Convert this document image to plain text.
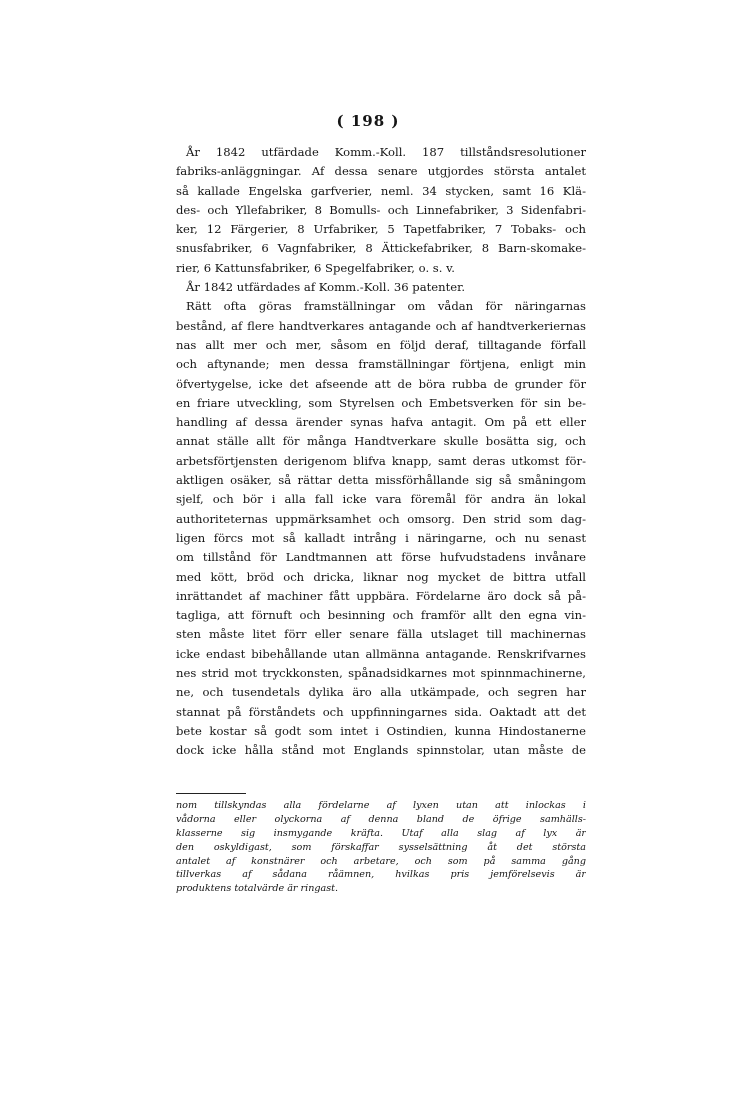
( 198 )
År 1842 utfärdade Komm.-Koll. 187 tillståndsresolutioner
fabriks-anläggningar. Af dessa senare utgjordes största antalet
så kallade Engelska garfverier, neml. 34 stycken, samt 16 Klä-
des- och Yllefabriker, 8 Bomulls- och Linnefabriker, 3 Sidenfabri-
ker, 12 Färgerier, 8 Urfabriker, 5 Tapetfabriker, 7 Tobaks- och
snusfabriker, 6 Vagnfabriker, 8 Ättickefabriker, 8 Barn-skomake-
rier, 6 Kattunsfabriker, 6 Spegelfabriker, o. s. v.
År 1842 utfärdades af Komm.-Koll. 36 patenter.
Rätt ofta göras framställningar om vådan för näringarnas
bestånd, af flere handtverkares antagande och af handtverkeriernas
nas allt mer och mer, såsom en följd deraf, tilltagande förfall
och aftynande; men dessa framställningar förtjena, enligt min
öfvertygelse, icke det afseende att de böra rubba de grunder för
en friare utveckling, som Styrelsen och Embetsverken för sin be-
handling af dessa ärender synas hafva antagit. Om på ett eller
annat ställe allt för många Handtverkare skulle bosätta sig, och
arbetsförtjensten derigenom blifva knapp, samt deras utkomst för-
aktligen osäker, så rättar detta missförhållande sig så småningom
sjelf, och bör i alla fall icke vara föremål för andra än lokal
authoriteternas uppmärksamhet och omsorg. Den strid som dag-
ligen förcs mot så kalladt intrång i näringarne, och nu senast
om tillstånd för Landtmannen att förse hufvudstadens invånare
med kött, bröd och dricka, liknar nog mycket de bittra utfall
inrättandet af machiner fått uppbära. Fördelarne äro dock så på-
tagliga, att förnuft och besinning och framför allt den egna vin-
sten måste litet förr eller senare fälla utslaget till machinernas
icke endast bibehållande utan allmänna antagande. Renskrifvarnes
nes strid mot tryckkonsten, spånadsidkarnes mot spinnmachinerne,
ne, och tusendetals dylika äro alla utkämpade, och segren har
stannat på förståndets och uppfinningarnes sida. Oaktadt att det
bete kostar så godt som intet i Ostindien, kunna Hindostanerne
dock icke hålla stånd mot Englands spinnstolar, utan måste de
nom tillskyndas alla fördelarne af lyxen utan att inlockas i
vådorna eller olyckorna af denna bland de öfrige samhälls-
klasserne sig insmygande kräfta. Utaf alla slag af lyx är
den oskyldigast, som förskaffar sysselsättning åt det största
antalet af konstnärer och arbetare, och som på samma gång
tillverkas af sådana råämnen, hvilkas pris jemförelsevis är
produktens totalvärde är ringast.
